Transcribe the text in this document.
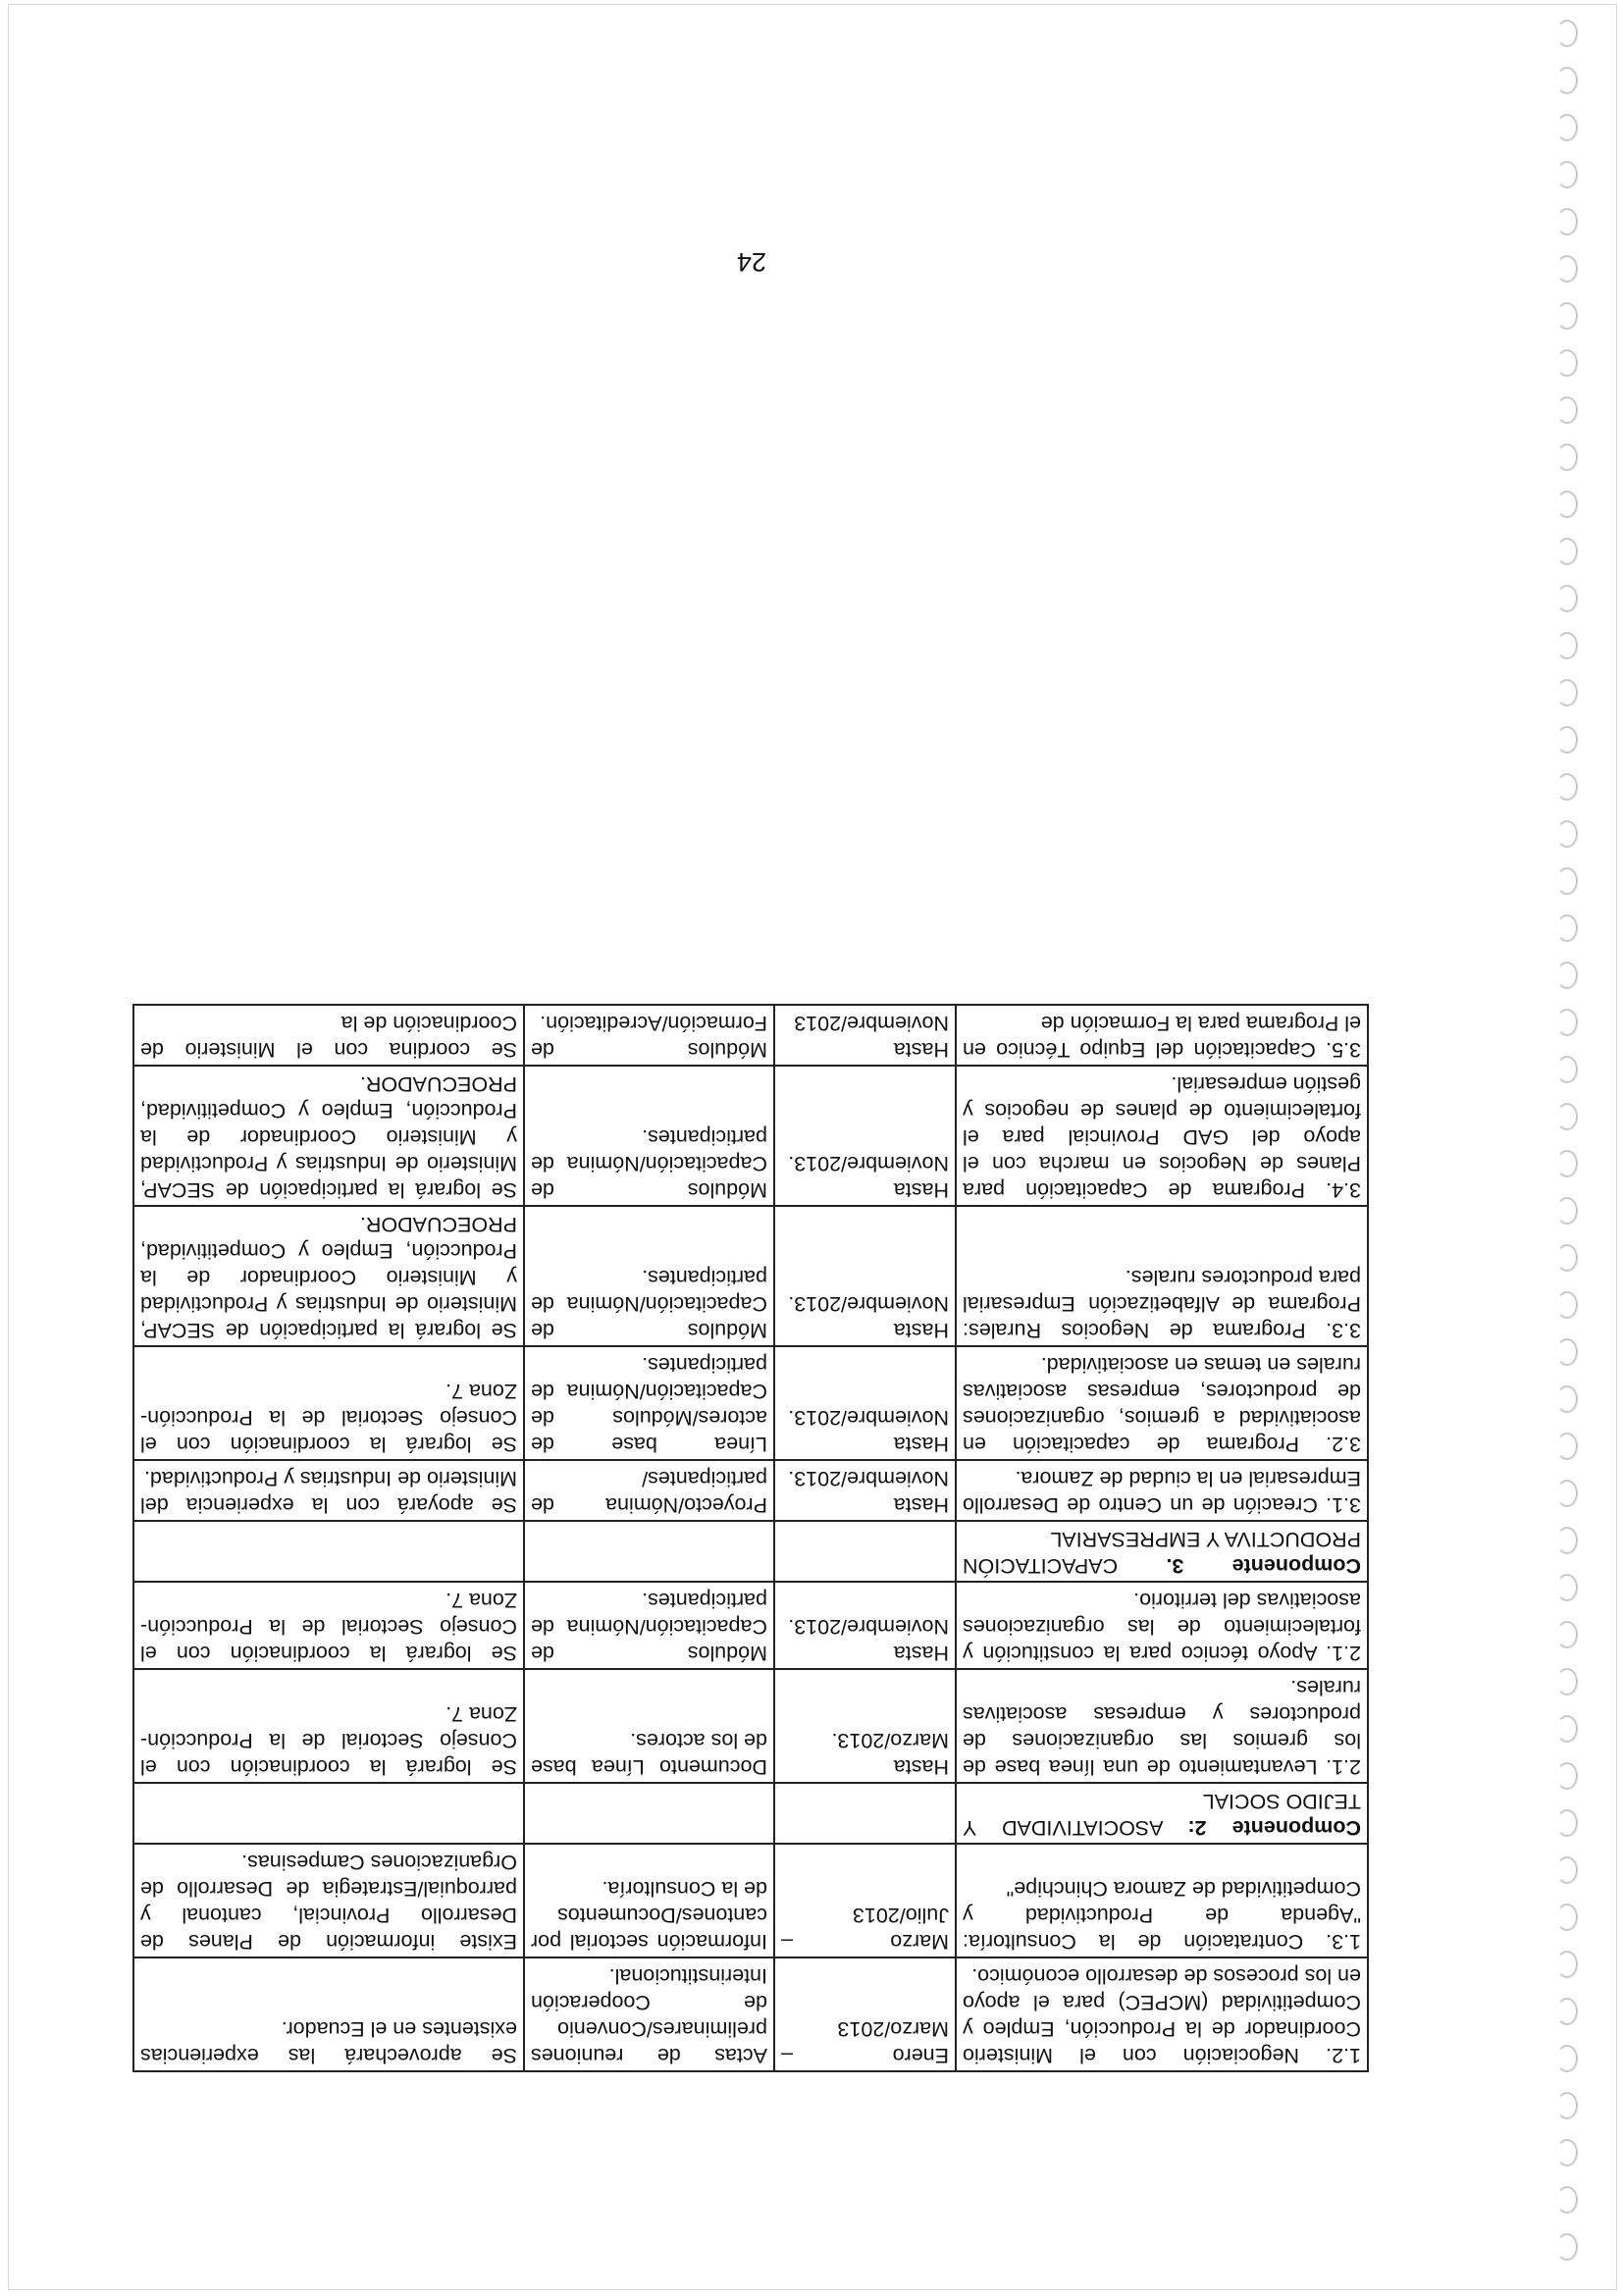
1.2. Negociación con el Ministerio Coordinador de la Producción, Empleo y Competitividad (MCPEC) para el apoyo en los procesos de desarrollo económico.	Enero – Marzo/2013	Actas de reuniones preliminares/Convenio de Cooperación Interinstitucional.	Se aprovechará las experiencias existentes en el Ecuador.
1.3. Contratación de la Consultoría: "Agenda de Productividad y Competitividad de Zamora Chinchipe"	Marzo – Julio/2013	Información sectorial por cantones/Documentos de la Consultoría.	Existe información de Planes de Desarrollo Provincial, cantonal y parroquial/Estrategia de Desarrollo de Organizaciones Campesinas.
Componente 2: ASOCIATIVIDAD Y TEJIDO SOCIAL			
2.1. Levantamiento de una línea base de los gremios las organizaciones de productores y empresas asociativas rurales.	Hasta Marzo/2013.	Documento Línea base de los actores.	Se logrará la coordinación con el Consejo Sectorial de la Producción-Zona 7.
2.1. Apoyo técnico para la constitución y fortalecimiento de las organizaciones asociativas del territorio.	Hasta Noviembre/2013.	Módulos de Capacitación/Nómina de participantes.	Se logrará la coordinación con el Consejo Sectorial de la Producción-Zona 7.
Componente 3. CAPACITACIÓN PRODUCTIVA Y EMPRESARIAL			
3.1. Creación de un Centro de Desarrollo Empresarial en la ciudad de Zamora.	Hasta Noviembre/2013.	Proyecto/Nómina de participantes/	Se apoyará con la experiencia del Ministerio de Industrias y Productividad.
3.2. Programa de capacitación en asociatividad a gremios, organizaciones de productores, empresas asociativas rurales en temas en asociatividad.	Hasta Noviembre/2013.	Línea base de actores/Módulos de Capacitación/Nómina de participantes.	Se logrará la coordinación con el Consejo Sectorial de la Producción-Zona 7.
3.3. Programa de Negocios Rurales: Programa de Alfabetización Empresarial para productores rurales.	Hasta Noviembre/2013.	Módulos de Capacitación/Nómina de participantes.	Se logrará la participación de SECAP, Ministerio de Industrias y Productividad y Ministerio Coordinador de la Producción, Empleo y Competitividad, PROECUADOR.
3.4. Programa de Capacitación para Planes de Negocios en marcha con el apoyo del GAD Provincial para el fortalecimiento de planes de negocios y gestión empresarial.	Hasta Noviembre/2013.	Módulos de Capacitación/Nómina de participantes.	Se logrará la participación de SECAP, Ministerio de Industrias y Productividad y Ministerio Coordinador de la Producción, Empleo y Competitividad, PROECUADOR.
3.5. Capacitación del Equipo Técnico en el Programa para la Formación de	Hasta Noviembre/2013	Módulos de Formación/Acreditación.	Se coordina con el Ministerio de Coordinación de la
24
